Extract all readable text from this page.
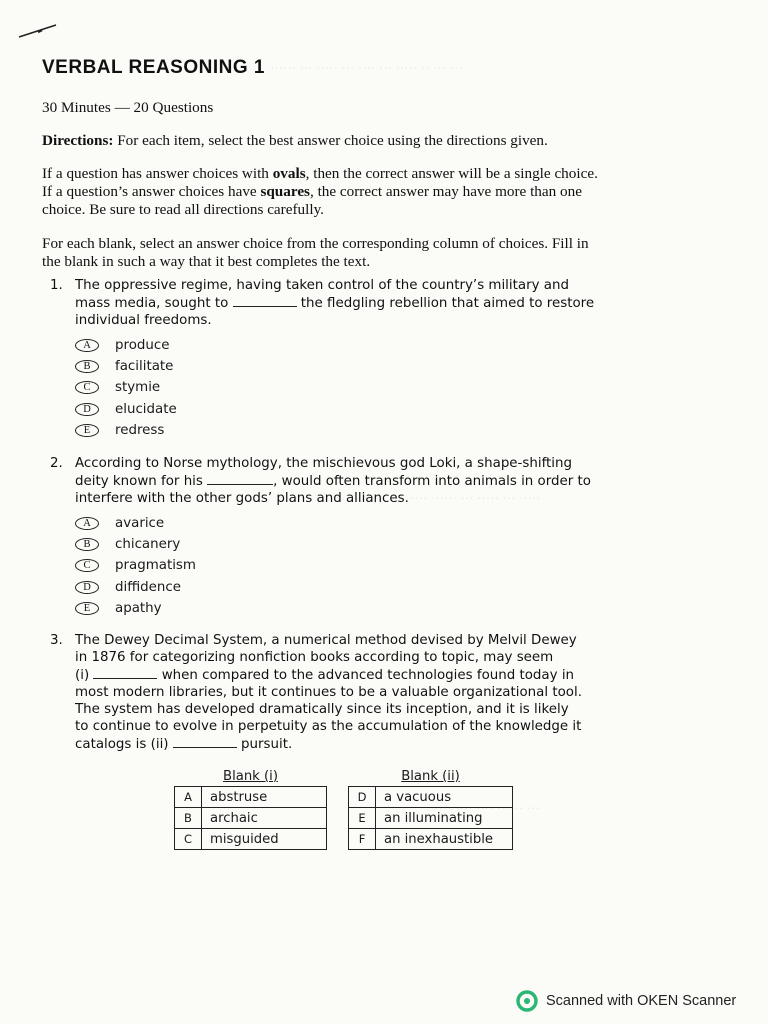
··· ··· ·· ····· ··· ···· ··· ····· ··· ······
····· ··· ····· ··· ······ ····
··· ······ ···· ···· ·····
VERBAL REASONING 1
30 Minutes — 20 Questions
Directions: For each item, select the best answer choice using the directions given.
If a question has answer choices with ovals, then the correct answer will be a single choice.
If a question’s answer choices have squares, the correct answer may have more than one
choice. Be sure to read all directions carefully.
For each blank, select an answer choice from the corresponding column of choices. Fill in
the blank in such a way that it best completes the text.
1. The oppressive regime, having taken control of the country’s military and
mass media, sought to	the fledgling rebellion that aimed to restore
individual freedoms.
A	produce
B	facilitate
C	stymie
D	elucidate
E	redress
2. According to Norse mythology, the mischievous god Loki, a shape-shifting
deity known for his	, would often transform into animals in order to
interfere with the other gods’ plans and alliances.
A	avarice
B	chicanery
C	pragmatism
D	diffidence
E	apathy
3. The Dewey Decimal System, a numerical method devised by Melvil Dewey
in 1876 for categorizing nonfiction books according to topic, may seem
(i)	when compared to the advanced technologies found today in
most modern libraries, but it continues to be a valuable organizational tool.
The system has developed dramatically since its inception, and it is likely
to continue to evolve in perpetuity as the accumulation of the knowledge it
catalogs is (ii)	pursuit.
Blank (i)	
A	abstruse
B	archaic
C	misguided
Blank (ii)	
D	a vacuous
E	an illuminating
F	an inexhaustible
Scanned with OKEN Scanner
